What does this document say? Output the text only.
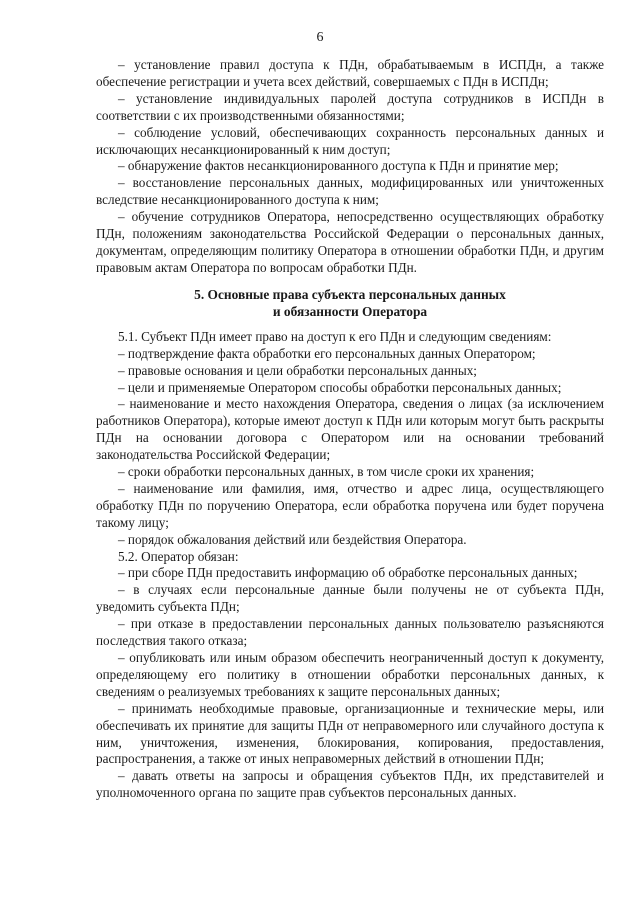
6

– установление правил доступа к ПДн, обрабатываемым в ИСПДн, а также обеспечение регистрации и учета всех действий, совершаемых с ПДн в ИСПДн;

– установление индивидуальных паролей доступа сотрудников в ИСПДн в соответствии с их производственными обязанностями;

– соблюдение условий, обеспечивающих сохранность персональных данных и исключающих несанкционированный к ним доступ;

– обнаружение фактов несанкционированного доступа к ПДн и принятие мер;

– восстановление персональных данных, модифицированных или уничтоженных вследствие несанкционированного доступа к ним;

– обучение сотрудников Оператора, непосредственно осуществляющих обработку ПДн, положениям законодательства Российской Федерации о персональных данных, документам, определяющим политику Оператора в отношении обработки ПДн, и другим правовым актам Оператора по вопросам обработки ПДн.

5. Основные права субъекта персональных данных

и обязанности Оператора

5.1. Субъект ПДн имеет право на доступ к его ПДн и следующим сведениям:

– подтверждение факта обработки его персональных данных Оператором;

– правовые основания и цели обработки персональных данных;

– цели и применяемые Оператором способы обработки персональных данных;

– наименование и место нахождения Оператора, сведения о лицах (за исключением работников Оператора), которые имеют доступ к ПДн или которым могут быть раскрыты ПДн на основании договора с Оператором или на основании требований законодательства Российской Федерации;

– сроки обработки персональных данных, в том числе сроки их хранения;

– наименование или фамилия, имя, отчество и адрес лица, осуществляющего обработку ПДн по поручению Оператора, если обработка поручена или будет поручена такому лицу;

– порядок обжалования действий или бездействия Оператора.

5.2. Оператор обязан:

– при сборе ПДн предоставить информацию об обработке персональных данных;

– в случаях если персональные данные были получены не от субъекта ПДн, уведомить субъекта ПДн;

– при отказе в предоставлении персональных данных пользователю разъясняются последствия такого отказа;

– опубликовать или иным образом обеспечить неограниченный доступ к документу, определяющему его политику в отношении обработки персональных данных, к сведениям о реализуемых требованиях к защите персональных данных;

– принимать необходимые правовые, организационные и технические меры, или обеспечивать их принятие для защиты ПДн от неправомерного или случайного доступа к ним, уничтожения, изменения, блокирования, копирования, предоставления, распространения, а также от иных неправомерных действий в отношении ПДн;

– давать ответы на запросы и обращения субъектов ПДн, их представителей и уполномоченного органа по защите прав субъектов персональных данных.
